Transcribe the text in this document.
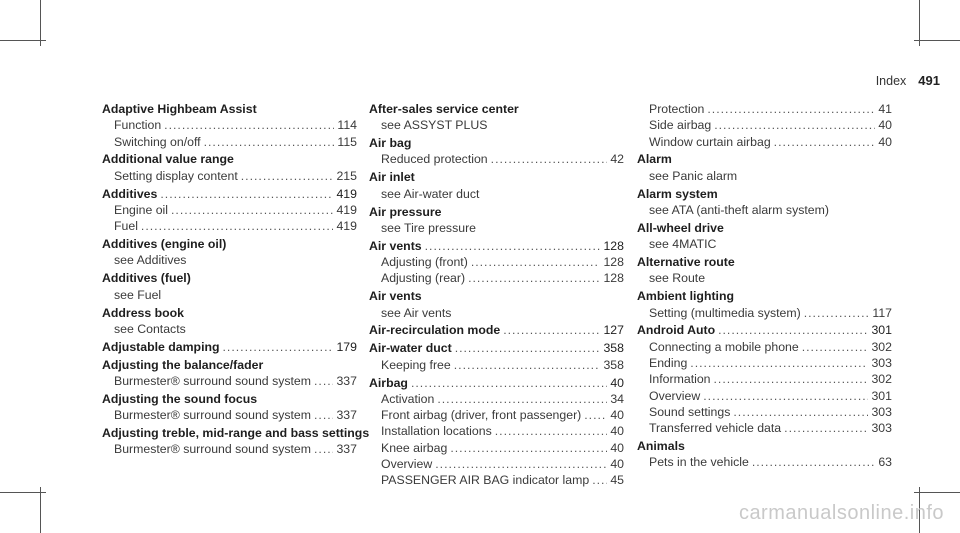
Index 491
Adaptive Highbeam Assist
Function .....	114
Switching on/off .....	115
Additional value range
Setting display content .....	215
Additives .....	419
Engine oil .....	419
Fuel .....	419
Additives (engine oil)
see Additives
Additives (fuel)
see Fuel
Address book
see Contacts
Adjustable damping .....	179
Adjusting the balance/fader
Burmester® surround sound system ..... 337
Adjusting the sound focus
Burmester® surround sound system ..... 337
Adjusting treble, mid-range and bass settings
Burmester® surround sound system ..... 337
After-sales service center
see ASSYST PLUS
Air bag
Reduced protection .....	42
Air inlet
see Air-water duct
Air pressure
see Tire pressure
Air vents .....	128
Adjusting (front) .....	128
Adjusting (rear) .....	128
Air vents
see Air vents
Air-recirculation mode .....	127
Air-water duct .....	358
Keeping free .....	358
Airbag .....	40
Activation .....	34
Front airbag (driver, front passenger) ..... 40
Installation locations .....	40
Knee airbag .....	40
Overview .....	40
PASSENGER AIR BAG indicator lamp ..... 45
Protection .....	41
Side airbag .....	40
Window curtain airbag .....	40
Alarm
see Panic alarm
Alarm system
see ATA (anti-theft alarm system)
All-wheel drive
see 4MATIC
Alternative route
see Route
Ambient lighting
Setting (multimedia system) .....	117
Android Auto .....	301
Connecting a mobile phone .....	302
Ending .....	303
Information .....	302
Overview .....	301
Sound settings .....	303
Transferred vehicle data .....	303
Animals
Pets in the vehicle .....	63
carmanualsonline.info
